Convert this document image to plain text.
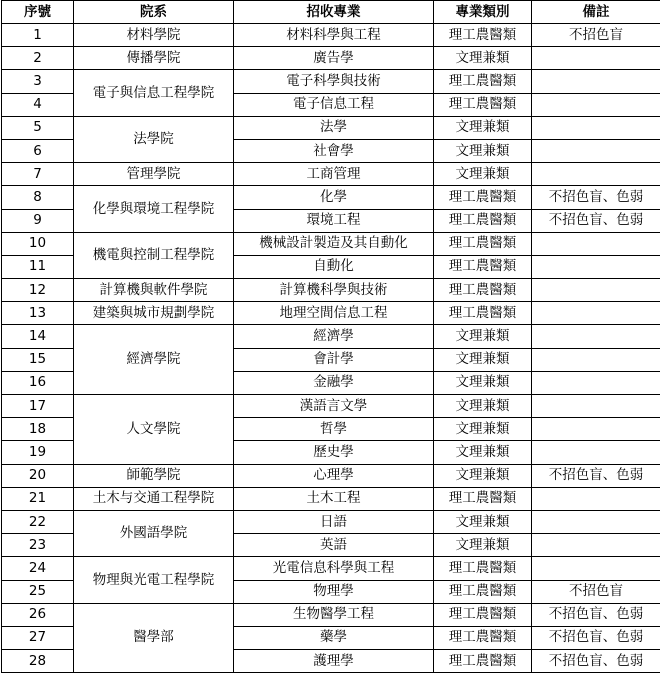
序號	院系	招收專業	專業類別	備註
1	材料學院	材料科學與工程	理工農醫類	不招色盲
2	傳播學院	廣告學	文理兼類	
3	電子與信息工程學院	電子科學與技術	理工農醫類	
4		電子信息工程	理工農醫類	
5	法學院	法學	文理兼類	
6		社會學	文理兼類	
7	管理學院	工商管理	文理兼類	
8	化學與環境工程學院	化學	理工農醫類	不招色盲、色弱
9		環境工程	理工農醫類	不招色盲、色弱
10	機電與控制工程學院	機械設計製造及其自動化	理工農醫類	
11		自動化	理工農醫類	
12	計算機與軟件學院	計算機科學與技術	理工農醫類	
13	建築與城市規劃學院	地理空間信息工程	理工農醫類	
14	經濟學院	經濟學	文理兼類	
15		會計學	文理兼類	
16		金融學	文理兼類	
17	人文學院	漢語言文學	文理兼類	
18		哲學	文理兼類	
19		歷史學	文理兼類	
20	師範學院	心理學	文理兼類	不招色盲、色弱
21	土木与交通工程學院	土木工程	理工農醫類	
22	外國語學院	日語	文理兼類	
23		英語	文理兼類	
24	物理與光電工程學院	光電信息科學與工程	理工農醫類	
25		物理學	理工農醫類	不招色盲
26	醫學部	生物醫學工程	理工農醫類	不招色盲、色弱
27		藥學	理工農醫類	不招色盲、色弱
28		護理學	理工農醫類	不招色盲、色弱
